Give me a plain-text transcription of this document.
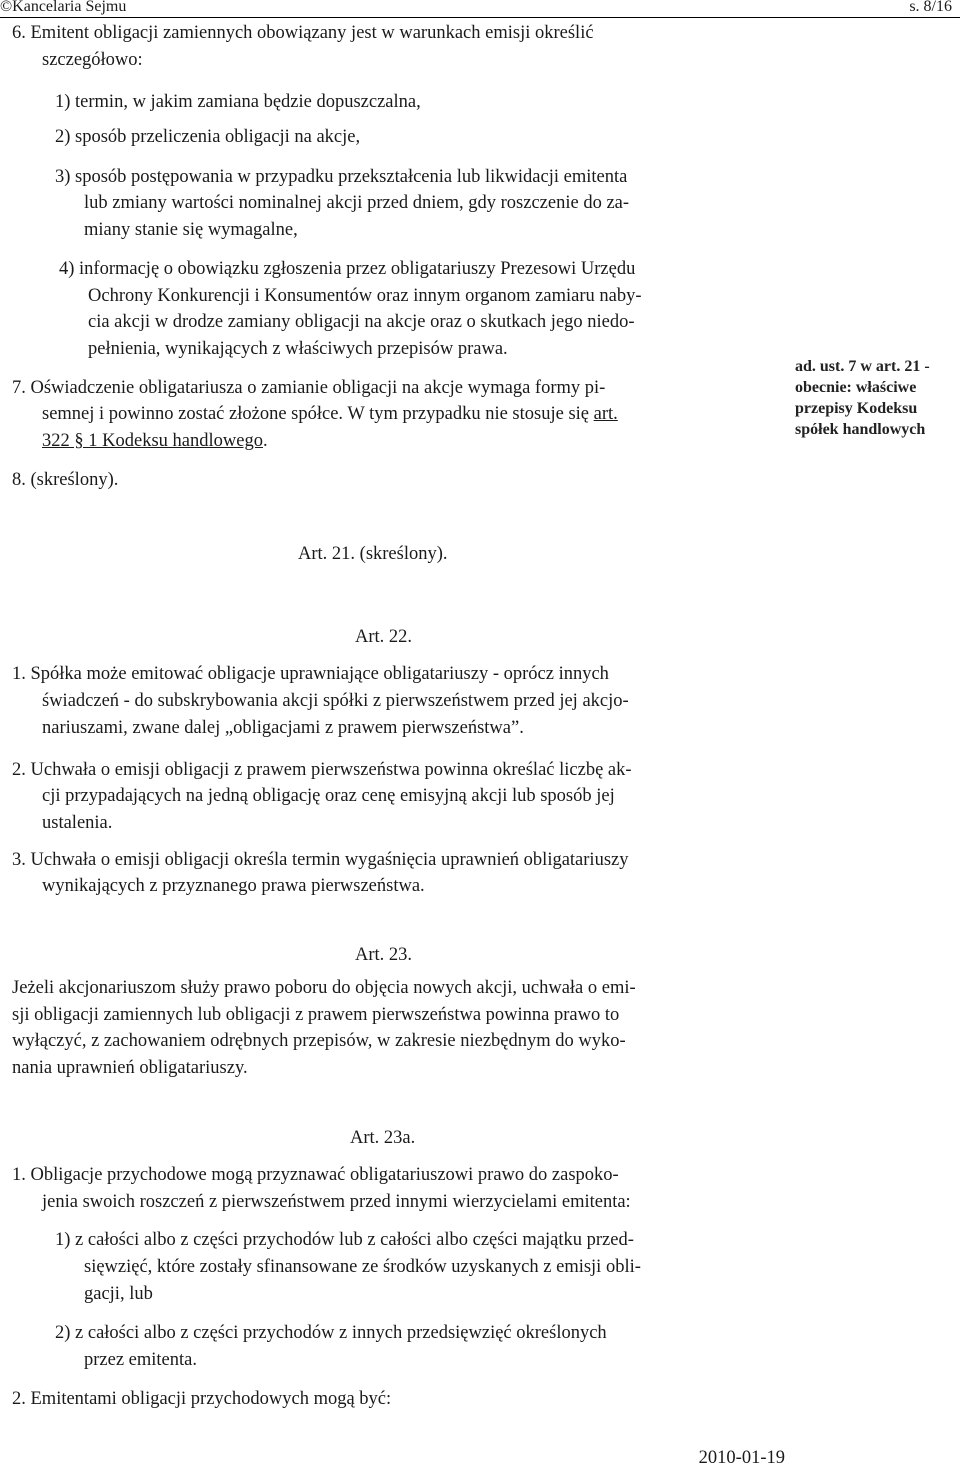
©Kancelaria Sejmu	s. 8/16

6. Emitent obligacji zamiennych obowiązany jest w warunkach emisji określić

szczegółowo:

1) termin, w jakim zamiana będzie dopuszczalna,

2) sposób przeliczenia obligacji na akcje,

3) sposób postępowania w przypadku przekształcenia lub likwidacji emitenta

lub zmiany wartości nominalnej akcji przed dniem, gdy roszczenie do za-

miany stanie się wymagalne,

4) informację o obowiązku zgłoszenia przez obligatariuszy Prezesowi Urzędu

Ochrony Konkurencji i Konsumentów oraz innym organom zamiaru naby-

cia akcji w drodze zamiany obligacji na akcje oraz o skutkach jego niedo-

pełnienia, wynikających z właściwych przepisów prawa.

7. Oświadczenie obligatariusza o zamianie obligacji na akcje wymaga formy pi-

semnej i powinno zostać złożone spółce. W tym przypadku nie stosuje się art.

322 § 1 Kodeksu handlowego.

8. (skreślony).

ad. ust. 7 w art. 21 -
obecnie: właściwe
przepisy Kodeksu
spółek handlowych
Art. 21. (skreślony).
Art. 22.

1. Spółka może emitować obligacje uprawniające obligatariuszy - oprócz innych

świadczeń - do subskrybowania akcji spółki z pierwszeństwem przed jej akcjo-

nariuszami, zwane dalej „obligacjami z prawem pierwszeństwa”.

2. Uchwała o emisji obligacji z prawem pierwszeństwa powinna określać liczbę ak-

cji przypadających na jedną obligację oraz cenę emisyjną akcji lub sposób jej

ustalenia.

3. Uchwała o emisji obligacji określa termin wygaśnięcia uprawnień obligatariuszy

wynikających z przyznanego prawa pierwszeństwa.

Art. 23.

Jeżeli akcjonariuszom służy prawo poboru do objęcia nowych akcji, uchwała o emi-

sji obligacji zamiennych lub obligacji z prawem pierwszeństwa powinna prawo to

wyłączyć, z zachowaniem odrębnych przepisów, w zakresie niezbędnym do wyko-

nania uprawnień obligatariuszy.

Art. 23a.

1. Obligacje przychodowe mogą przyznawać obligatariuszowi prawo do zaspoko-

jenia swoich roszczeń z pierwszeństwem przed innymi wierzycielami emitenta:

1) z całości albo z części przychodów lub z całości albo części majątku przed-

sięwzięć, które zostały sfinansowane ze środków uzyskanych z emisji obli-

gacji, lub

2) z całości albo z części przychodów z innych przedsięwzięć określonych

przez emitenta.

2. Emitentami obligacji przychodowych mogą być:

2010-01-19
